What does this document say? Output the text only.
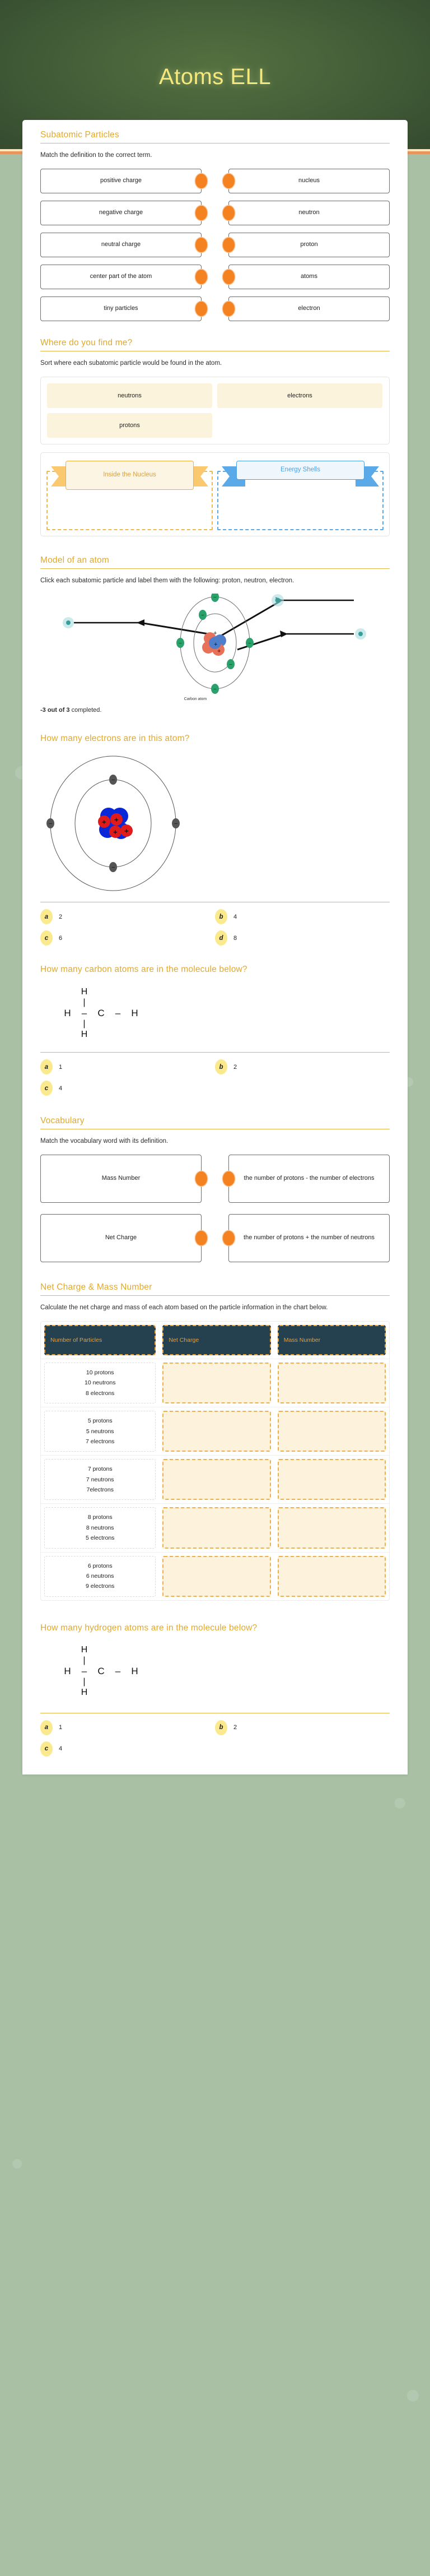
Atoms ELL
Subatomic Particles
Match the definition to the correct term.
positive charge	nucleus
negative charge	neutron
neutral charge	proton
center part of the atom	atoms
tiny particles	electron
Where do you find me?
Sort where each subatomic particle would be found in the atom.
neutrons	electrons
protons
Inside the Nucleus
Energy Shells
Model of an atom
Click each subatomic particle and label them with the following: proton, neutron, electron.
+
+
+
−
−
−	−
−
−
Carbon atom
-3 out of 3 completed.
How many electrons are in this atom?
+ +
+ +
−
−
−	−
a	2	b	4
c	6	d	8
How many carbon atoms are in the molecule below?
H
|
H	–	C	–	H
|
H
a	1	b	2
c	4
Vocabulary
Match the vocabulary word with its definition.
Mass Number	the number of protons - the number of electrons
Net Charge	the number of protons + the number of neutrons
Net Charge & Mass Number
Calculate the net charge and mass of each atom based on the particle information in the chart below.
Number of Particles	Net Charge	Mass Number
10 protons
10 neutrons
8 electrons
5 protons
5 neutrons
7 electrons
7 protons
7 neutrons
7electrons
8 protons
8 neutrons
5 electrons
6 protons
6 neutrons
9 electrons
How many hydrogen atoms are in the molecule below?
H
|
H	–	C	–	H
|
H
a	1	b	2
c	4
